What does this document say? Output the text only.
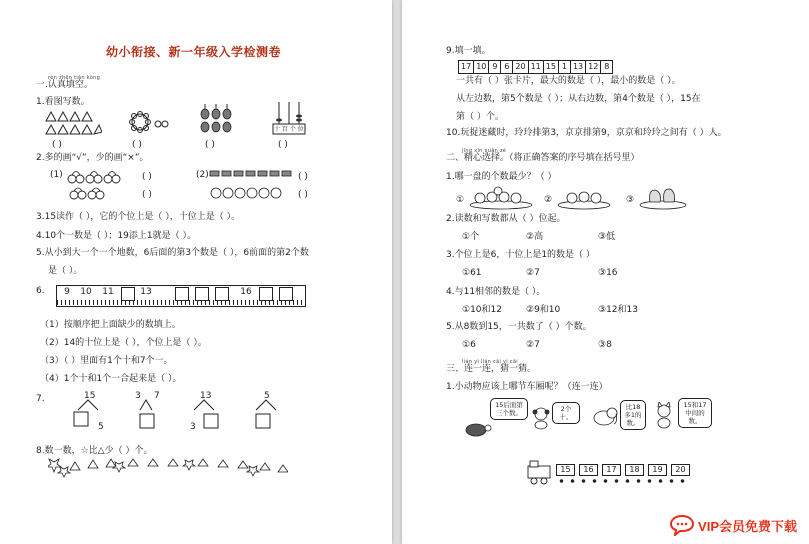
幼小衔接、新一年级入学检测卷
rèn zhēn tián kòng
一.认真填空。
1.看图写数。
十 百 个 位
( )	( )	( )	( )
2.多的画“√”，少的画“×”。
(1)	( )
( )
(2)	( )
( )
3.15读作（ ），它的个位上是（ ），十位上是（ ）。
4.10个一数是（ ）；19添上1就是（ ）。
5.从小到大一个一个地数，6后面的第3个数是（ ），6前面的第2个数
是（ ）。
6.	9	10	11	13	16
（1）按顺序把上面缺少的数填上。
（2）14的十位上是（ ），个位上是（ ）。
（3）（ ）里面有1个十和7个一。
（4）1个十和1个一合起来是（ ）。
7.	15
5
3 7	13
3
5
8.数一数，☆比△少（ ）个。
9.填一填。
17 10 9 6 20 11 15 1 13 12 8
一共有（ ）张卡片，最大的数是（ ），最小的数是（ ）。
从左边数，第5个数是（ ）；从右边数，第4个数是（ ），15在
第（ ）个。
10.玩捉迷藏时，玲玲排第3，京京排第9，京京和玲玲之间有（ ）人。
jīng xīn xuǎn zé
二、精心选择。（将正确答案的序号填在括号里）
1.哪一盘的个数最少？（ ）
①	②	③
2.读数和写数都从（ ）位起。
①个	②高	③低
3.个位上是6，十位上是1的数是（ ）
①61	②7	③16
4.与11相邻的数是（ ）。
①10和12	②9和10	③12和13
5.从8数到15，一共数了（ ）个数。
①6	②7	③8
lián yì lián cāi yi cāi
三、连一连，猜一猜。
1.小动物应该上哪节车厢呢？（连一连）
15后面第三个数。	2个十。
比18多1的数。
15和17中间的数。
15	16	17	18	19	20
VIP会员免费下载
